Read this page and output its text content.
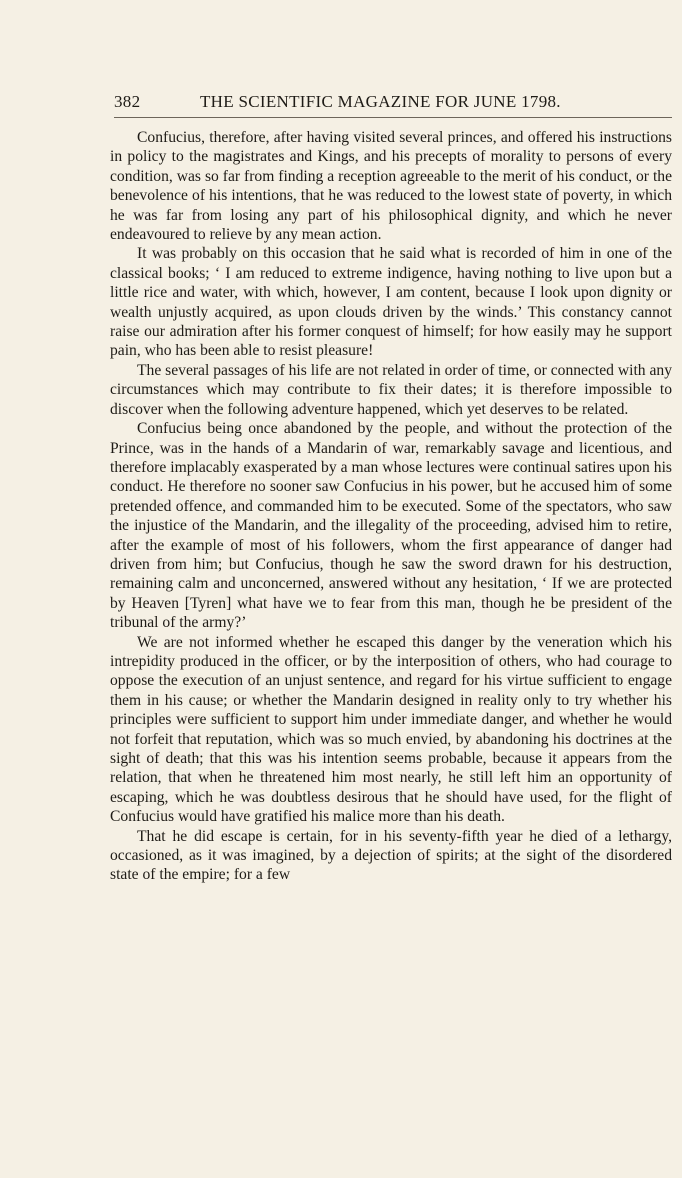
382	THE SCIENTIFIC MAGAZINE FOR JUNE 1798.

Confucius, therefore, after having visited several princes, and offered his instructions in policy to the magistrates and Kings, and his precepts of morality to persons of every condition, was so far from finding a reception agreeable to the merit of his conduct, or the benevolence of his intentions, that he was reduced to the lowest state of poverty, in which he was far from losing any part of his philosophical dignity, and which he never endeavoured to relieve by any mean action.

It was probably on this occasion that he said what is recorded of him in one of the classical books; ‘ I am reduced to extreme indigence, having nothing to live upon but a little rice and water, with which, however, I am content, because I look upon dignity or wealth unjustly acquired, as upon clouds driven by the winds.’ This constancy cannot raise our admiration after his former conquest of himself; for how easily may he support pain, who has been able to resist pleasure!

The several passages of his life are not related in order of time, or connected with any circumstances which may contribute to fix their dates; it is therefore impossible to discover when the following adventure happened, which yet deserves to be related.

Confucius being once abandoned by the people, and without the protection of the Prince, was in the hands of a Mandarin of war, remarkably savage and licentious, and therefore implacably exasperated by a man whose lectures were continual satires upon his conduct. He therefore no sooner saw Confucius in his power, but he accused him of some pretended offence, and commanded him to be executed. Some of the spectators, who saw the injustice of the Mandarin, and the illegality of the proceeding, advised him to retire, after the example of most of his followers, whom the first appearance of danger had driven from him; but Confucius, though he saw the sword drawn for his destruction, remaining calm and unconcerned, answered without any hesitation, ‘ If we are protected by Heaven [Tyren] what have we to fear from this man, though he be president of the tribunal of the army?’

We are not informed whether he escaped this danger by the veneration which his intrepidity produced in the officer, or by the interposition of others, who had courage to oppose the execution of an unjust sentence, and regard for his virtue sufficient to engage them in his cause; or whether the Mandarin designed in reality only to try whether his principles were sufficient to support him under immediate danger, and whether he would not forfeit that reputation, which was so much envied, by abandoning his doctrines at the sight of death; that this was his intention seems probable, because it appears from the relation, that when he threatened him most nearly, he still left him an opportunity of escaping, which he was doubtless desirous that he should have used, for the flight of Confucius would have gratified his malice more than his death.

That he did escape is certain, for in his seventy-fifth year he died of a lethargy, occasioned, as it was imagined, by a dejection of spirits; at the sight of the disordered state of the empire; for a few
